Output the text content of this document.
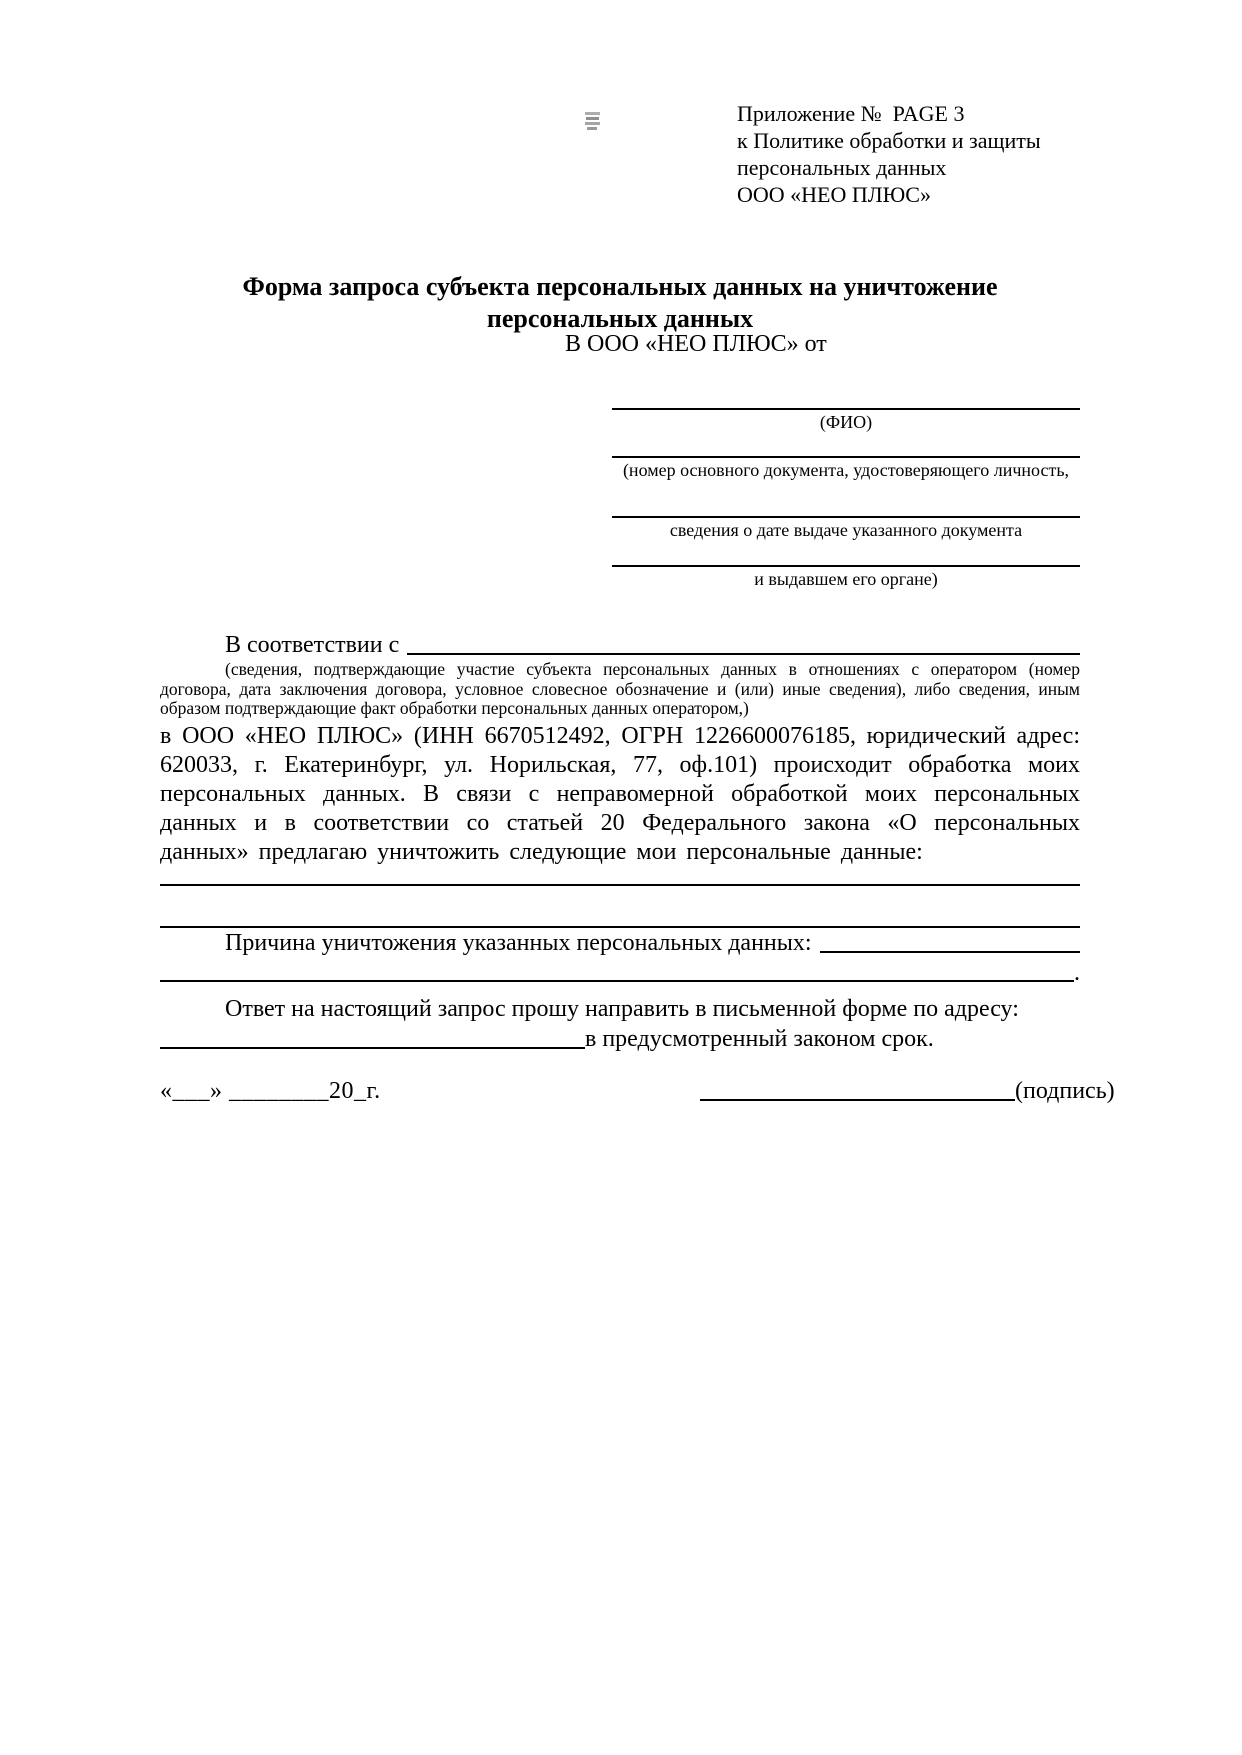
Приложение №  PAGE 3
к Политике обработки и защиты
персональных данных
ООО «НЕО ПЛЮС»
Форма запроса субъекта персональных данных на уничтожение
персональных данных
В ООО «НЕО ПЛЮС» от
(ФИО)
(номер основного документа, удостоверяющего личность,
сведения о дате выдаче указанного документа
и выдавшем его органе)
В соответствии с
(сведения, подтверждающие участие субъекта персональных данных в отношениях с оператором (номер договора, дата заключения договора, условное словесное обозначение и (или) иные сведения), либо сведения, иным образом подтверждающие факт обработки персональных данных оператором,)
в ООО «НЕО ПЛЮС» (ИНН 6670512492, ОГРН 1226600076185, юридический адрес: 620033, г. Екатеринбург, ул. Норильская, 77, оф.101) происходит обработка моих персональных данных. В связи с неправомерной обработкой моих персональных данных и в соответствии со статьей 20 Федерального закона «О персональных данных» предлагаю уничтожить следующие мои персональные данные:
Причина уничтожения указанных персональных данных:
.
Ответ на настоящий запрос прошу направить в письменной форме по адресу:
в предусмотренный законом срок.
«___» ________20_г.	(подпись)
